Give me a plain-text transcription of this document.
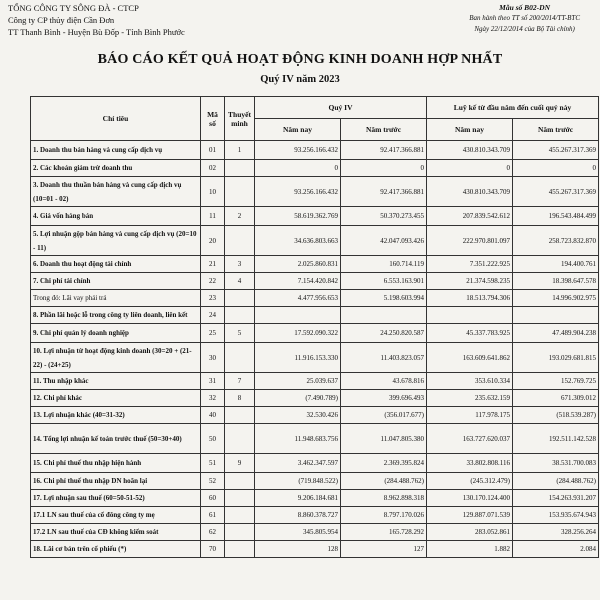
TỔNG CÔNG TY SÔNG ĐÀ - CTCP
Công ty CP thủy điện Cần Đơn
TT Thanh Bình - Huyện Bù Đốp - Tỉnh Bình Phước
Mẫu số B02-DN
Ban hành theo TT số 200/2014/TT-BTC
Ngày 22/12/2014 của Bộ Tài chính)
BÁO CÁO KẾT QUẢ HOẠT ĐỘNG KINH DOANH HỢP NHẤT
Quý IV năm 2023
Chỉ tiêu	Mã số	Thuyết minh	Quý IV		Luỹ kế từ đầu năm đến cuối quý này	
			Năm nay	Năm trước	Năm nay	Năm trước
1. Doanh thu bán hàng và cung cấp dịch vụ	01	1	93.256.166.432	92.417.366.881	430.810.343.709	455.267.317.369
2. Các khoản giảm trừ doanh thu	02		0	0	0	0
3. Doanh thu thuần bán hàng và cung cấp dịch vụ (10=01 - 02)	10		93.256.166.432	92.417.366.881	430.810.343.709	455.267.317.369
4. Giá vốn hàng bán	11	2	58.619.362.769	50.370.273.455	207.839.542.612	196.543.484.499
5. Lợi nhuận gộp bán hàng và cung cấp dịch vụ (20=10 - 11)	20		34.636.803.663	42.047.093.426	222.970.801.097	258.723.832.870
6. Doanh thu hoạt động tài chính	21	3	2.025.860.831	160.714.119	7.351.222.925	194.400.761
7. Chi phí tài chính	22	4	7.154.420.842	6.553.163.901	21.374.598.235	18.398.647.578
Trong đó: Lãi vay phải trả	23		4.477.956.653	5.198.603.994	18.513.794.306	14.996.902.975
8. Phần lãi hoặc lỗ trong công ty liên doanh, liên kết	24					
9. Chi phí quản lý doanh nghiệp	25	5	17.592.090.322	24.250.820.587	45.337.783.925	47.489.904.238
10. Lợi nhuận từ hoạt động kinh doanh (30=20 + (21-22) - (24+25)	30		11.916.153.330	11.403.823.057	163.609.641.862	193.029.681.815
11. Thu nhập khác	31	7	25.039.637	43.678.816	353.610.334	152.769.725
12. Chi phí khác	32	8	(7.490.789)	399.696.493	235.632.159	671.309.012
13. Lợi nhuận khác (40=31-32)	40		32.530.426	(356.017.677)	117.978.175	(518.539.287)
14. Tổng lợi nhuận kế toán trước thuế (50=30+40)	50		11.948.683.756	11.047.805.380	163.727.620.037	192.511.142.528
15. Chi phí thuế thu nhập hiện hành	51	9	3.462.347.597	2.369.395.824	33.802.808.116	38.531.700.083
16. Chi phí thuế thu nhập DN hoãn lại	52		(719.848.522)	(284.488.762)	(245.312.479)	(284.488.762)
17. Lợi nhuận sau thuế (60=50-51-52)	60		9.206.184.681	8.962.898.318	130.170.124.400	154.263.931.207
17.1 LN sau thuế của cổ đông công ty mẹ	61		8.860.378.727	8.797.170.026	129.887.071.539	153.935.674.943
17.2 LN sau thuế của CĐ không kiểm soát	62		345.805.954	165.728.292	283.052.861	328.256.264
18. Lãi cơ bản trên cổ phiếu (*)	70		128	127	1.882	2.084
